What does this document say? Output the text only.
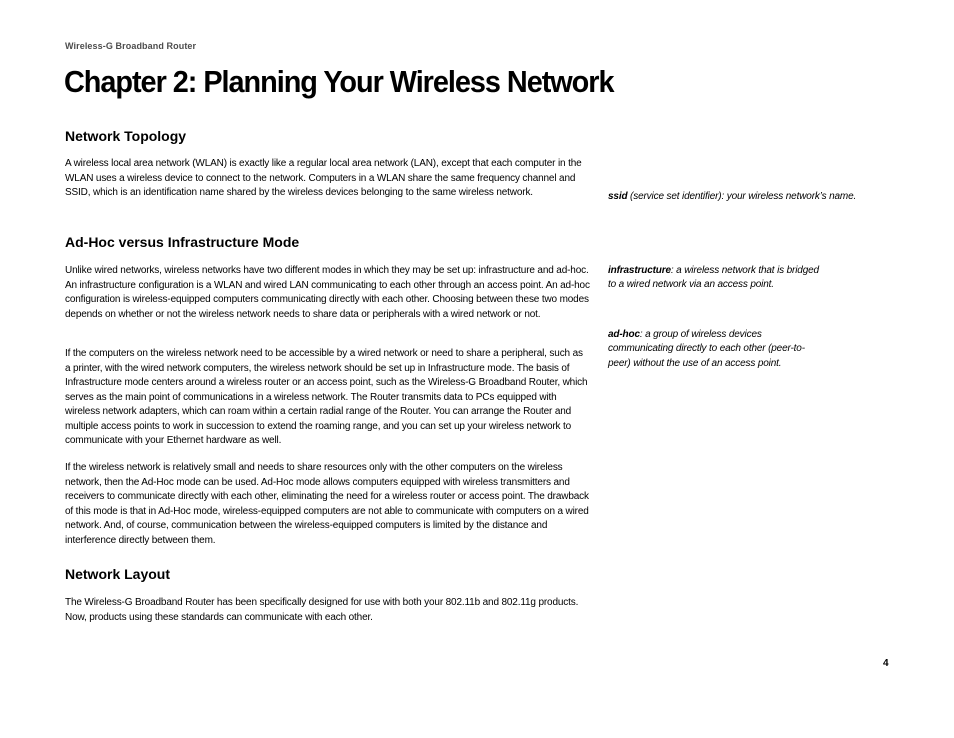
Wireless-G Broadband Router
Chapter 2: Planning Your Wireless Network
Network Topology

A wireless local area network (WLAN) is exactly like a regular local area network (LAN), except that each computer in the WLAN uses a wireless device to connect to the network. Computers in a WLAN share the same frequency channel and SSID, which is an identification name shared by the wireless devices belonging to the same wireless network.

Ad-Hoc versus Infrastructure Mode

Unlike wired networks, wireless networks have two different modes in which they may be set up: infrastructure and ad-hoc. An infrastructure configuration is a WLAN and wired LAN communicating to each other through an access point. An ad-hoc configuration is wireless-equipped computers communicating directly with each other. Choosing between these two modes depends on whether or not the wireless network needs to share data or peripherals with a wired network or not.

If the computers on the wireless network need to be accessible by a wired network or need to share a peripheral, such as a printer, with the wired network computers, the wireless network should be set up in Infrastructure mode. The basis of Infrastructure mode centers around a wireless router or an access point, such as the Wireless-G Broadband Router, which serves as the main point of communications in a wireless network. The Router transmits data to PCs equipped with wireless network adapters, which can roam within a certain radial range of the Router. You can arrange the Router and multiple access points to work in succession to extend the roaming range, and you can set up your wireless network to communicate with your Ethernet hardware as well.

If the wireless network is relatively small and needs to share resources only with the other computers on the wireless network, then the Ad-Hoc mode can be used. Ad-Hoc mode allows computers equipped with wireless transmitters and receivers to communicate directly with each other, eliminating the need for a wireless router or access point. The drawback of this mode is that in Ad-Hoc mode, wireless-equipped computers are not able to communicate with computers on a wired network. And, of course, communication between the wireless-equipped computers is limited by the distance and interference directly between them.

Network Layout

The Wireless-G Broadband Router has been specifically designed for use with both your 802.11b and 802.11g products. Now, products using these standards can communicate with each other.

ssid (service set identifier): your wireless network’s name.

infrastructure: a wireless network that is bridged
to a wired network via an access point.

ad-hoc: a group of wireless devices
communicating directly to each other (peer-to-
peer) without the use of an access point.

4
